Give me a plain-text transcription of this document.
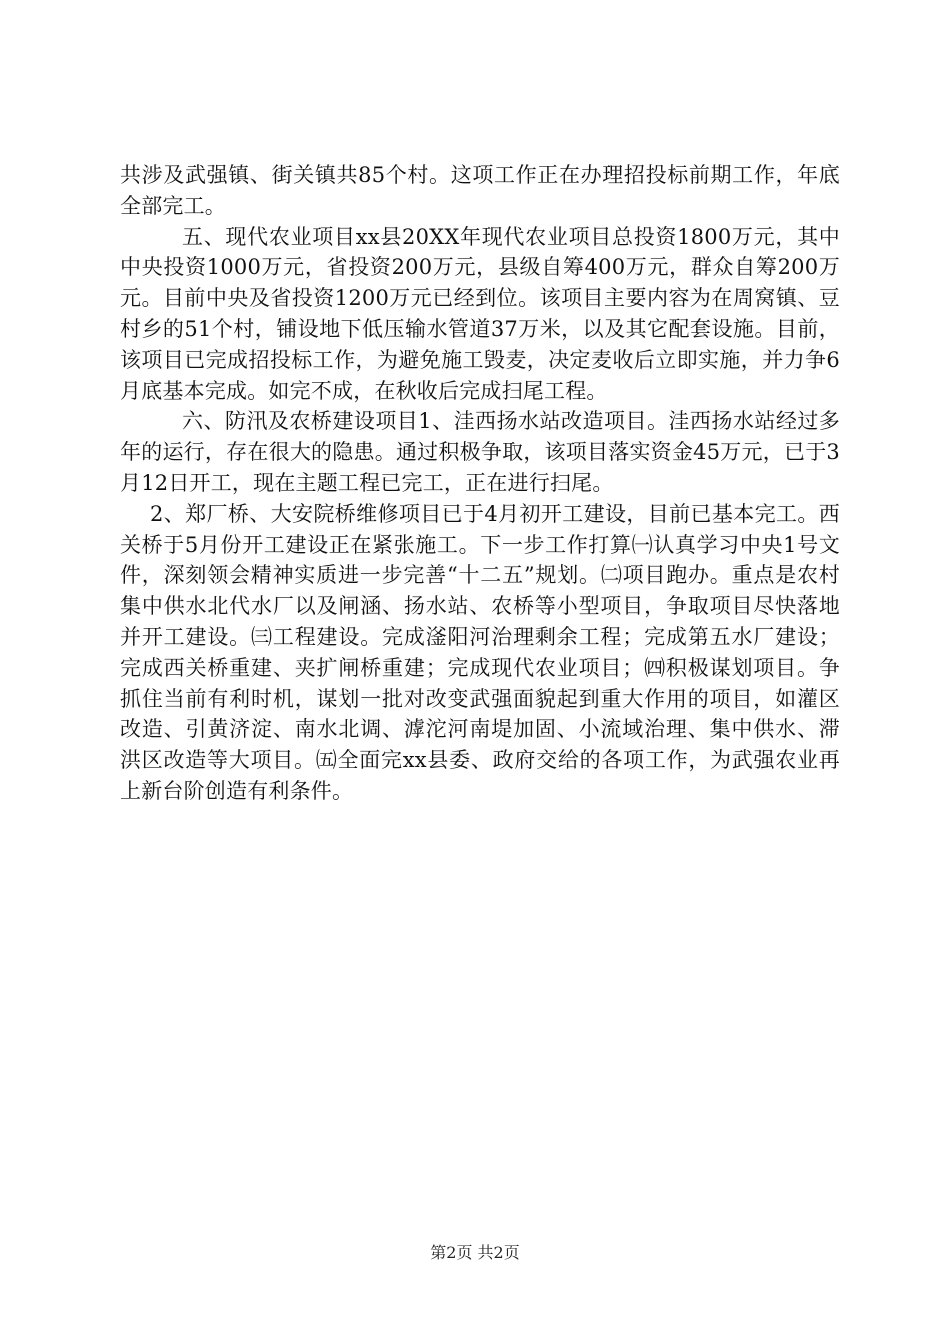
共涉及武强镇、街关镇共85个村。这项工作正在办理招投标前期工作，年底全部完工。

五、现代农业项目xx县20XX年现代农业项目总投资1800万元，其中中央投资1000万元，省投资200万元，县级自筹400万元，群众自筹200万元。目前中央及省投资1200万元已经到位。该项目主要内容为在周窝镇、豆村乡的51个村，铺设地下低压输水管道37万米，以及其它配套设施。目前，该项目已完成招投标工作，为避免施工毁麦，决定麦收后立即实施，并力争6月底基本完成。如完不成，在秋收后完成扫尾工程。

六、防汛及农桥建设项目1、洼西扬水站改造项目。洼西扬水站经过多年的运行，存在很大的隐患。通过积极争取，该项目落实资金45万元，已于3月12日开工，现在主题工程已完工，正在进行扫尾。

2、郑厂桥、大安院桥维修项目已于4月初开工建设，目前已基本完工。西关桥于5月份开工建设正在紧张施工。下一步工作打算㈠认真学习中央1号文件，深刻领会精神实质进一步完善“十二五”规划。㈡项目跑办。重点是农村集中供水北代水厂以及闸涵、扬水站、农桥等小型项目，争取项目尽快落地并开工建设。㈢工程建设。完成滏阳河治理剩余工程；完成第五水厂建设；完成西关桥重建、夹扩闸桥重建；完成现代农业项目；㈣积极谋划项目。争抓住当前有利时机，谋划一批对改变武强面貌起到重大作用的项目，如灌区改造、引黄济淀、南水北调、滹沱河南堤加固、小流域治理、集中供水、滞洪区改造等大项目。㈤全面完xx县委、政府交给的各项工作，为武强农业再上新台阶创造有利条件。

第2页 共2页
